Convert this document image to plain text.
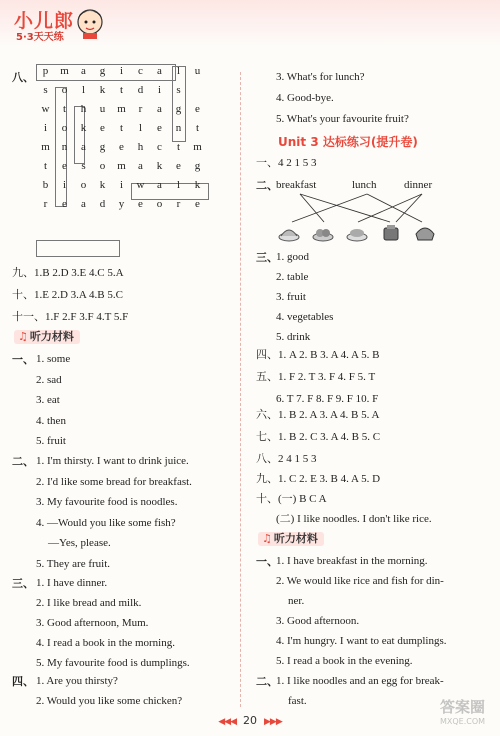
小儿郎
5·3天天练
八、 p	m	a	g	i	c	a	l	u
s	o	l	k	t	d	i	s
w	t	h	u	m	r	a	g	e
i	o	k	e	t	l	e	n	t
m	n	a	g	e	h	c	t	m
t	e	s	o	m	a	k	e	g
b	i	o	k	i	w	a	l	k
r	e	a	d	y	e	o	r	e
九、1.B 2.D 3.E 4.C 5.A
十、1.E 2.D 3.A 4.B 5.C
十一、1.F 2.F 3.F 4.T 5.F
♫ 听力材料
一、 1. some
2. sad
3. eat
4. then
5. fruit
二、 1. I'm thirsty. I want to drink juice.
2. I'd like some bread for breakfast.
3. My favourite food is noodles.
4. —Would you like some fish?
—Yes, please.
5. They are fruit.
三、 1. I have dinner.
2. I like bread and milk.
3. Good afternoon, Mum.
4. I read a book in the morning.
5. My favourite food is dumplings.
四、 1. Are you thirsty?
2. Would you like some chicken?
3. What's for lunch?
4. Good-bye.
5. What's your favourite fruit?
Unit 3 达标练习(提升卷)
一、4 2 1 5 3
二、
breakfast	lunch	dinner
三、
1. good
2. table
3. fruit
4. vegetables
5. drink
四、1. A 2. B 3. A 4. A 5. B
五、1. F 2. T 3. F 4. F 5. T
6. T 7. F 8. F 9. F 10. F
六、1. B 2. A 3. A 4. B 5. A
七、1. B 2. C 3. A 4. B 5. C
八、2 4 1 5 3
九、1. C 2. E 3. B 4. A 5. D
十、(一) B C A
(二) I like noodles. I don't like rice.
♫ 听力材料
一、
1. I have breakfast in the morning.
2. We would like rice and fish for din-
ner.
3. Good afternoon.
4. I'm hungry. I want to eat dumplings.
5. I read a book in the evening.
二、
1. I like noodles and an egg for break-
fast.
◀◀◀ 20 ▶▶▶
答案圈
MXQE.COM
